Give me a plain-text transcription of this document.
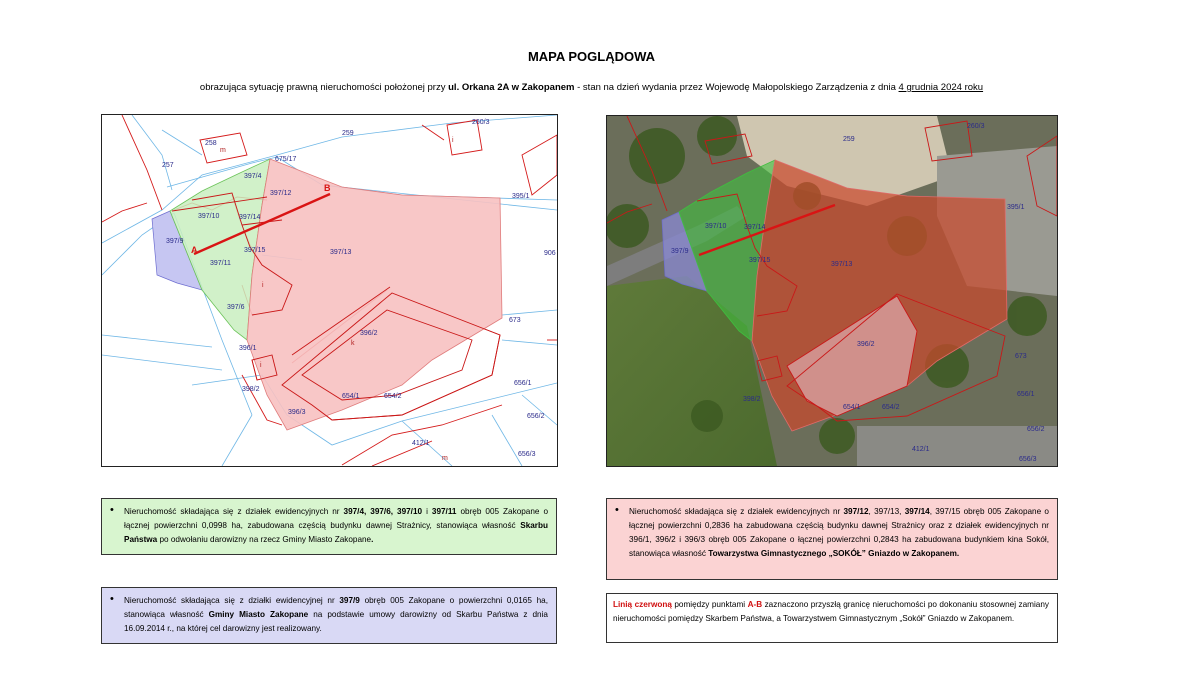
MAPA POGLĄDOWA
obrazująca sytuację prawną nieruchomości położonej przy ul. Orkana 2A w Zakopanem - stan na dzień wydania przez Wojewodę Małopolskiego Zarządzenia z dnia 4 grudnia 2024 roku
A
B
259
257
258
m
260/3
i
675/17
397/4
397/12
397/10	397/14
397/9
397/15
397/11
397/13
i
397/6
395/1
906
396/2
k
396/1
i
673
398/2
654/1	654/2
656/1
396/3
656/2
412/1
m
656/3
259
260/3
395/1
397/9
397/10	397/14
397/15
397/13
396/2
398/2
654/1	654/2
673
656/1
656/2
412/1
656/3
• Nieruchomość składająca się z działek ewidencyjnych nr 397/4, 397/6, 397/10 i 397/11 obręb 005 Zakopane o łącznej powierzchni 0,0998 ha, zabudowana częścią budynku dawnej Strażnicy, stanowiąca własność Skarbu Państwa po odwołaniu darowizny na rzecz Gminy Miasto Zakopane.
• Nieruchomość składająca się z działki ewidencyjnej nr 397/9 obręb 005 Zakopane o powierzchni 0,0165 ha, stanowiąca własność Gminy Miasto Zakopane na podstawie umowy darowizny od Skarbu Państwa z dnia 16.09.2014 r., na której cel darowizny jest realizowany.
• Nieruchomość składająca się z działek ewidencyjnych nr 397/12, 397/13, 397/14, 397/15 obręb 005 Zakopane o łącznej powierzchni 0,2836 ha zabudowana częścią budynku dawnej Strażnicy oraz z działek ewidencyjnych nr 396/1, 396/2 i 396/3 obręb 005 Zakopane o łącznej powierzchni 0,2843 ha zabudowana budynkiem kina Sokół, stanowiąca własność Towarzystwa Gimnastycznego „SOKÓŁ” Gniazdo w Zakopanem.
Linią czerwoną pomiędzy punktami A-B zaznaczono przyszłą granicę nieruchomości po dokonaniu stosownej zamiany nieruchomości pomiędzy Skarbem Państwa, a Towarzystwem Gimnastycznym „Sokół” Gniazdo w Zakopanem.
